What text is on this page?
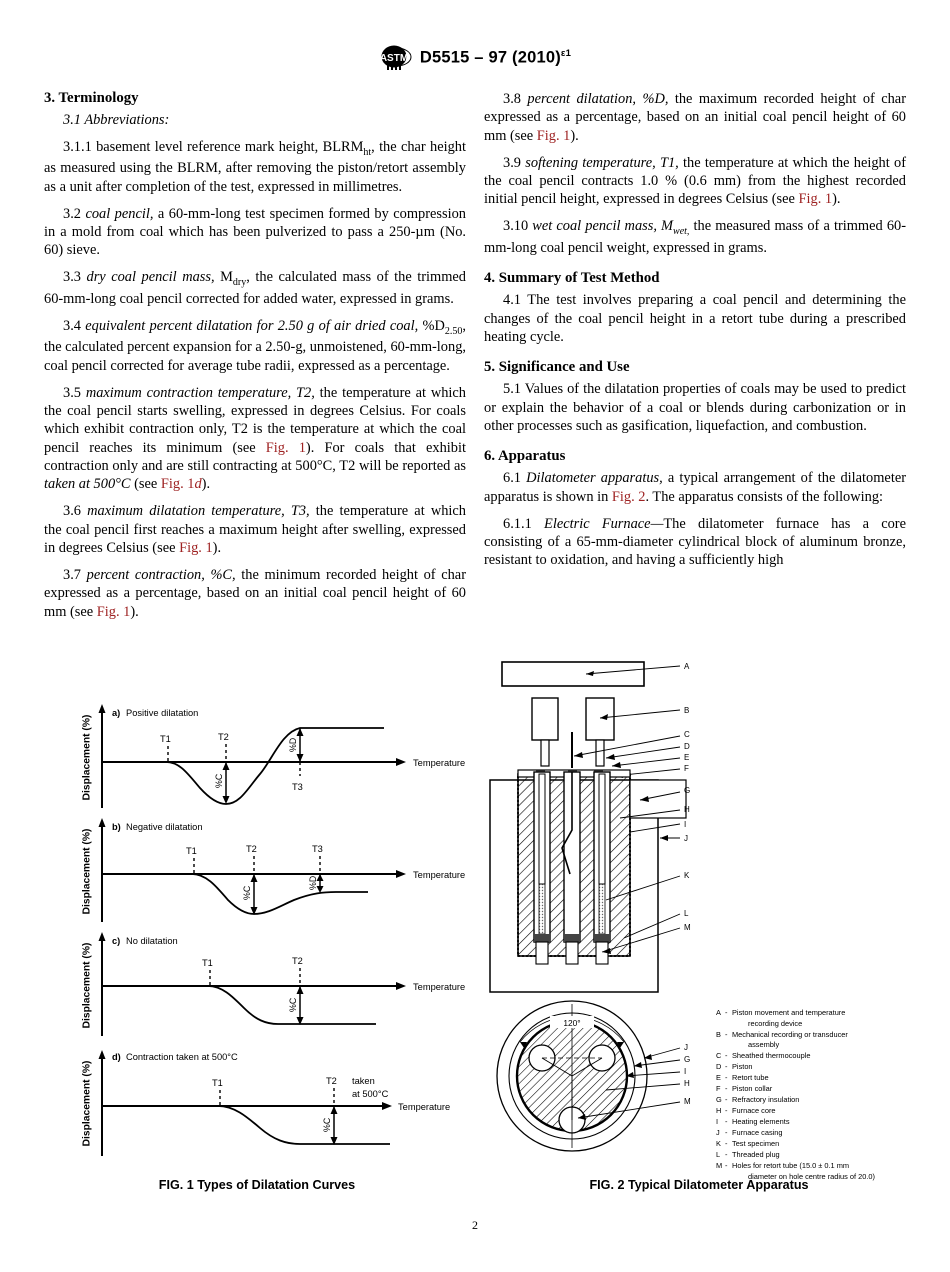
ASTM D5515 – 97 $(2010)^{\varepsilon 1}$
3. Terminology

3.1 Abbreviations:

3.1.1 basement level reference mark height, $BLRM_{ht}$, the char height as measured using the BLRM, after removing the piston/retort assembly as a unit after completion of the test, expressed in millimetres.

3.2 coal pencil, a 60-mm-long test specimen formed by compression in a mold from coal which has been pulverized to pass a 250-µm (No. 60) sieve.

3.3 dry coal pencil mass, $M_{dry}$, the calculated mass of the trimmed 60-mm-long coal pencil corrected for added water, expressed in grams.

3.4 equivalent percent dilatation for 2.50 g of air dried coal, $\%D_{2.50}$, the calculated percent expansion for a 2.50-g, unmoistened, 60-mm-long, coal pencil corrected for average tube radii, expressed as a percentage.

3.5 maximum contraction temperature, T2, the temperature at which the coal pencil starts swelling, expressed in degrees Celsius. For coals which exhibit contraction only, T2 is the temperature at which the coal pencil reaches its minimum (see Fig. 1). For coals that exhibit contraction only and are still contracting at 500°C, T2 will be reported as taken at 500°C (see Fig. 1d).

3.6 maximum dilatation temperature, T3, the temperature at which the coal pencil first reaches a maximum height after swelling, expressed in degrees Celsius (see Fig. 1).

3.7 percent contraction, %C, the minimum recorded height of char expressed as a percentage, based on an initial coal pencil height of 60 mm (see Fig. 1).

3.8 percent dilatation, %D, the maximum recorded height of char expressed as a percentage, based on an initial coal pencil height of 60 mm (see Fig. 1).

3.9 softening temperature, T1, the temperature at which the height of the coal pencil contracts 1.0 % (0.6 mm) from the highest recorded initial pencil height, expressed in degrees Celsius (see Fig. 1).

3.10 wet coal pencil mass, $M_{wet,}$ the measured mass of a trimmed 60-mm-long coal pencil weight, expressed in grams.

4. Summary of Test Method

4.1 The test involves preparing a coal pencil and determining the changes of the coal pencil height in a retort tube during a prescribed heating cycle.

5. Significance and Use

5.1 Values of the dilatation properties of coals may be used to predict or explain the behavior of a coal or blends during carbonization or in other processes such as gasification, liquefaction, and combustion.

6. Apparatus

6.1 Dilatometer apparatus, a typical arrangement of the dilatometer apparatus is shown in Fig. 2. The apparatus consists of the following:

6.1.1 Electric Furnace—The dilatometer furnace has a core consisting of a 65-mm-diameter cylindrical block of aluminum bronze, resistant to oxidation, and having a sufficiently high

Displacement (%)	Temperature
a) Positive dilatation
T1	T2
%C	T3
%D
Displacement (%)	Temperature
b) Negative dilatation
T1	T2
%C
T3
%D
Displacement (%)	Temperature
c) No dilatation
T1	T2
%C
Displacement (%)	Temperature
d) Contraction taken at 500°C
T1	T2 taken
at 500°C
%C
FIG. 1 Types of Dilatation Curves
A
B
C
D
E
F
G
H
I
J
K
L
M
120°
J
G
I
H
M
A - Piston movement and temperature
recording device
B - Mechanical recording or transducer
assembly
C - Sheathed thermocouple
D - Piston
E - Retort tube
F - Piston collar
G - Refractory insulation
H - Furnace core
I - Heating elements
J - Furnace casing
K - Test specimen
L - Threaded plug
M - Holes for retort tube (15.0 ± 0.1 mm
diameter on hole centre radius of 20.0)
FIG. 2 Typical Dilatometer Apparatus
2
